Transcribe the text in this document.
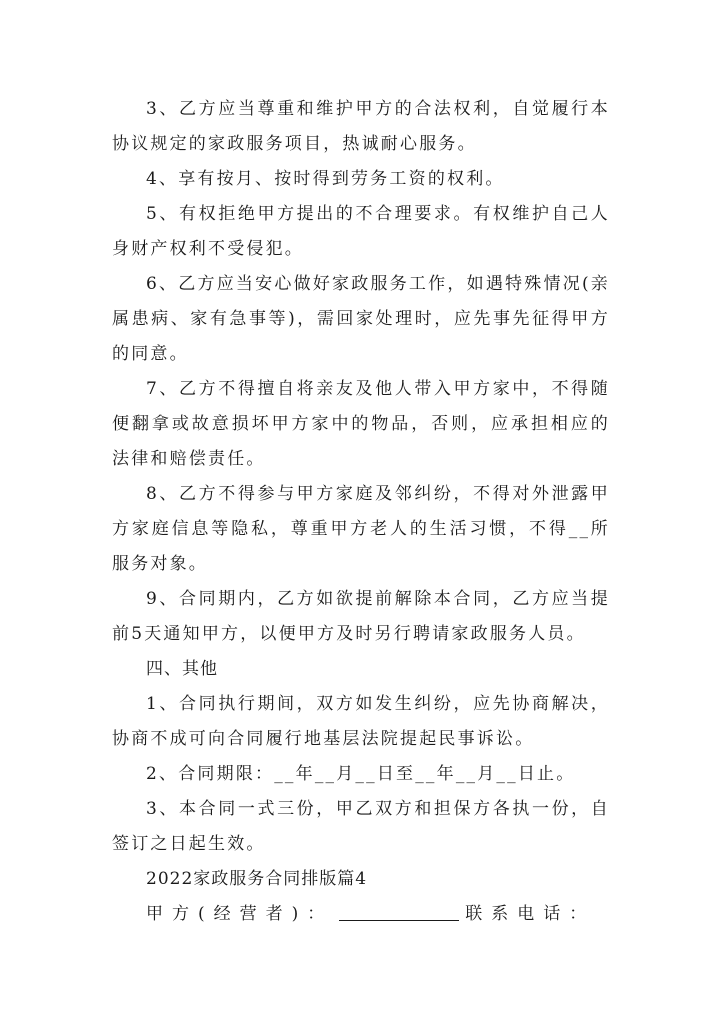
3、乙方应当尊重和维护甲方的合法权利，自觉履行本协议规定的家政服务项目，热诚耐心服务。

4、享有按月、按时得到劳务工资的权利。

5、有权拒绝甲方提出的不合理要求。有权维护自己人身财产权利不受侵犯。

6、乙方应当安心做好家政服务工作，如遇特殊情况(亲属患病、家有急事等)，需回家处理时，应先事先征得甲方的同意。

7、乙方不得擅自将亲友及他人带入甲方家中，不得随便翻拿或故意损坏甲方家中的物品，否则，应承担相应的法律和赔偿责任。

8、乙方不得参与甲方家庭及邻纠纷，不得对外泄露甲方家庭信息等隐私，尊重甲方老人的生活习惯，不得__所服务对象。

9、合同期内，乙方如欲提前解除本合同，乙方应当提前5天通知甲方，以便甲方及时另行聘请家政服务人员。

四、其他

1、合同执行期间，双方如发生纠纷，应先协商解决，协商不成可向合同履行地基层法院提起民事诉讼。

2、合同期限：__年__月__日至__年__月__日止。

3、本合同一式三份，甲乙双方和担保方各执一份，自签订之日起生效。

2022家政服务合同排版篇4

甲方(经营者)：	联系电话：
